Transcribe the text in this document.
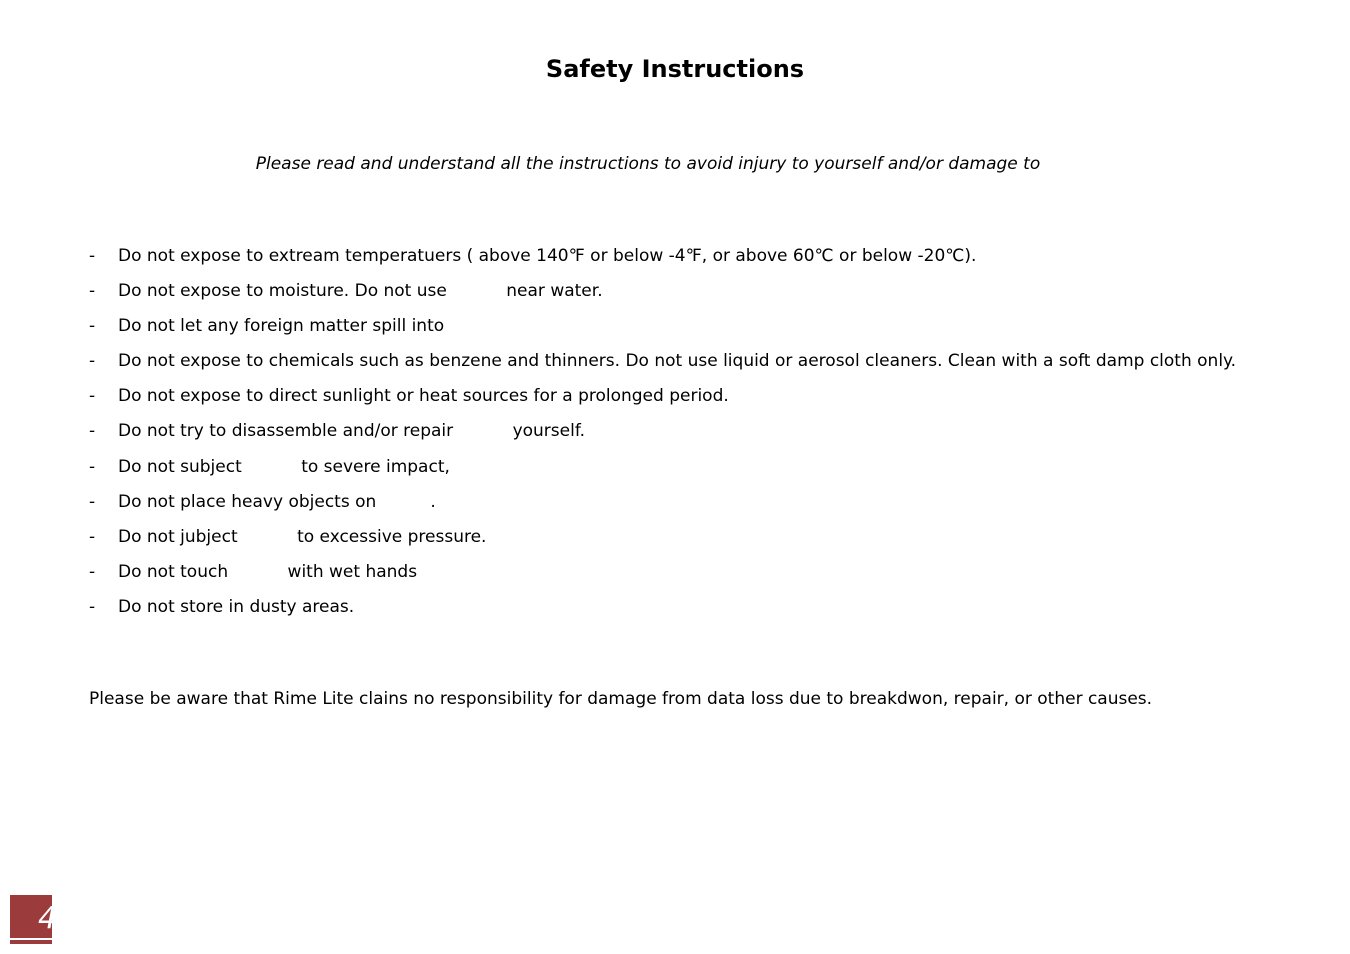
Safety Instructions

Please read and understand all the instructions to avoid injury to yourself and/or damage to

- Do not expose to extream temperatuers ( above 140℉ or below -4℉, or above 60℃ or below -20℃).
- Do not expose to moisture. Do not use           near water.
- Do not let any foreign matter spill into
- Do not expose to chemicals such as benzene and thinners. Do not use liquid or aerosol cleaners. Clean with a soft damp cloth only.
- Do not expose to direct sunlight or heat sources for a prolonged period.
- Do not try to disassemble and/or repair           yourself.
- Do not subject           to severe impact,
- Do not place heavy objects on          .
- Do not jubject           to excessive pressure.
- Do not touch           with wet hands
- Do not store in dusty areas.

Please be aware that Rime Lite clains no responsibility for damage from data loss due to breakdwon, repair, or other causes.

4
